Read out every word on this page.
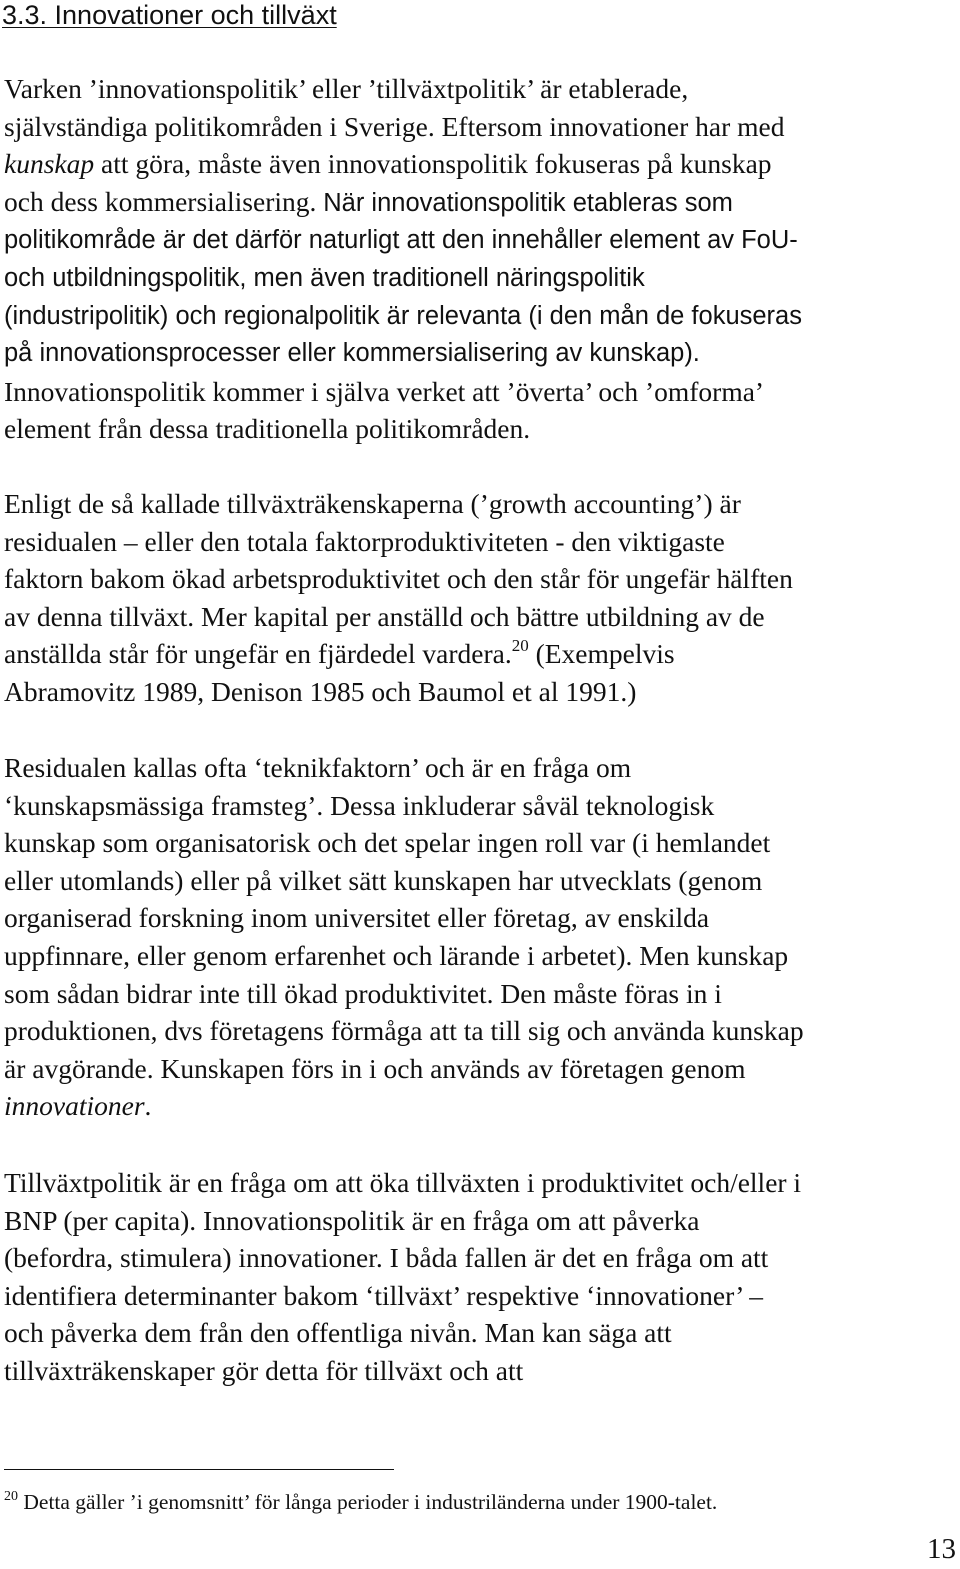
3.3. Innovationer och tillväxt

Varken ’innovationspolitik’ eller ’tillväxtpolitik’ är etablerade,
självständiga politikområden i Sverige. Eftersom innovationer har med
kunskap att göra, måste även innovationspolitik fokuseras på kunskap
och dess kommersialisering. När innovationspolitik etableras som
politikområde är det därför naturligt att den innehåller element av FoU-
och utbildningspolitik, men även traditionell näringspolitik
(industripolitik) och regionalpolitik är relevanta (i den mån de fokuseras
på innovationsprocesser eller kommersialisering av kunskap).
Innovationspolitik kommer i själva verket att ’överta’ och ’omforma’
element från dessa traditionella politikområden.

Enligt de så kallade tillväxträkenskaperna (’growth accounting’) är
residualen – eller den totala faktorproduktiviteten - den viktigaste
faktorn bakom ökad arbetsproduktivitet och den står för ungefär hälften
av denna tillväxt. Mer kapital per anställd och bättre utbildning av de
anställda står för ungefär en fjärdedel vardera.$^{20}$ (Exempelvis
Abramovitz 1989, Denison 1985 och Baumol et al 1991.)

Residualen kallas ofta ‘teknikfaktorn’ och är en fråga om
‘kunskapsmässiga framsteg’. Dessa inkluderar såväl teknologisk
kunskap som organisatorisk och det spelar ingen roll var (i hemlandet
eller utomlands) eller på vilket sätt kunskapen har utvecklats (genom
organiserad forskning inom universitet eller företag, av enskilda
uppfinnare, eller genom erfarenhet och lärande i arbetet). Men kunskap
som sådan bidrar inte till ökad produktivitet. Den måste föras in i
produktionen, dvs företagens förmåga att ta till sig och använda kunskap
är avgörande. Kunskapen förs in i och används av företagen genom
innovationer.

Tillväxtpolitik är en fråga om att öka tillväxten i produktivitet och/eller i
BNP (per capita). Innovationspolitik är en fråga om att påverka
(befordra, stimulera) innovationer. I båda fallen är det en fråga om att
identifiera determinanter bakom ‘tillväxt’ respektive ‘innovationer’ –
och påverka dem från den offentliga nivån. Man kan säga att
tillväxträkenskaper gör detta för tillväxt och att

$^{20}$ Detta gäller ’i genomsnitt’ för långa perioder i industriländerna under 1900-talet.

13
